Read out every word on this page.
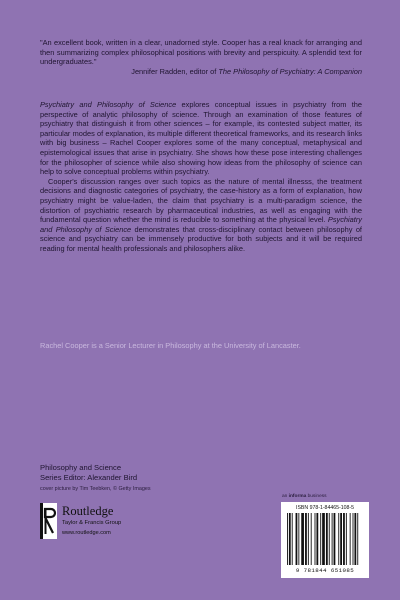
"An excellent book, written in a clear, unadorned style. Cooper has a real knack for arranging and then summarizing complex philosophical positions with brevity and perspicuity. A splendid text for undergraduates."
Jennifer Radden, editor of The Philosophy of Psychiatry: A Companion

Psychiatry and Philosophy of Science explores conceptual issues in psychiatry from the perspective of analytic philosophy of science. Through an examination of those features of psychiatry that distinguish it from other sciences – for example, its contested subject matter, its particular modes of explanation, its multiple different theoretical frameworks, and its research links with big business – Rachel Cooper explores some of the many conceptual, metaphysical and epistemological issues that arise in psychiatry. She shows how these pose interesting challenges for the philosopher of science while also showing how ideas from the philosophy of science can help to solve conceptual problems within psychiatry.

Cooper's discussion ranges over such topics as the nature of mental illnesss, the treatment decisions and diagnostic categories of psychiatry, the case-history as a form of explanation, how psychiatry might be value-laden, the claim that psychiatry is a multi-paradigm science, the distortion of psychiatric research by pharmaceutical industries, as well as engaging with the fundamental question whether the mind is reducible to something at the physical level. Psychiatry and Philosophy of Science demonstrates that cross-disciplinary contact between philosophy of science and psychiatry can be immensely productive for both subjects and it will be required reading for mental health professionals and philosophers alike.

Rachel Cooper is a Senior Lecturer in Philosophy at the University of Lancaster.
Philosophy and Science
Series Editor: Alexander Bird
cover picture by Tim Teebken, © Getty Images
Routledge
Taylor & Francis Group
www.routledge.com
an informa business
ISBN 978-1-84465-108-5
9 781844 651085
